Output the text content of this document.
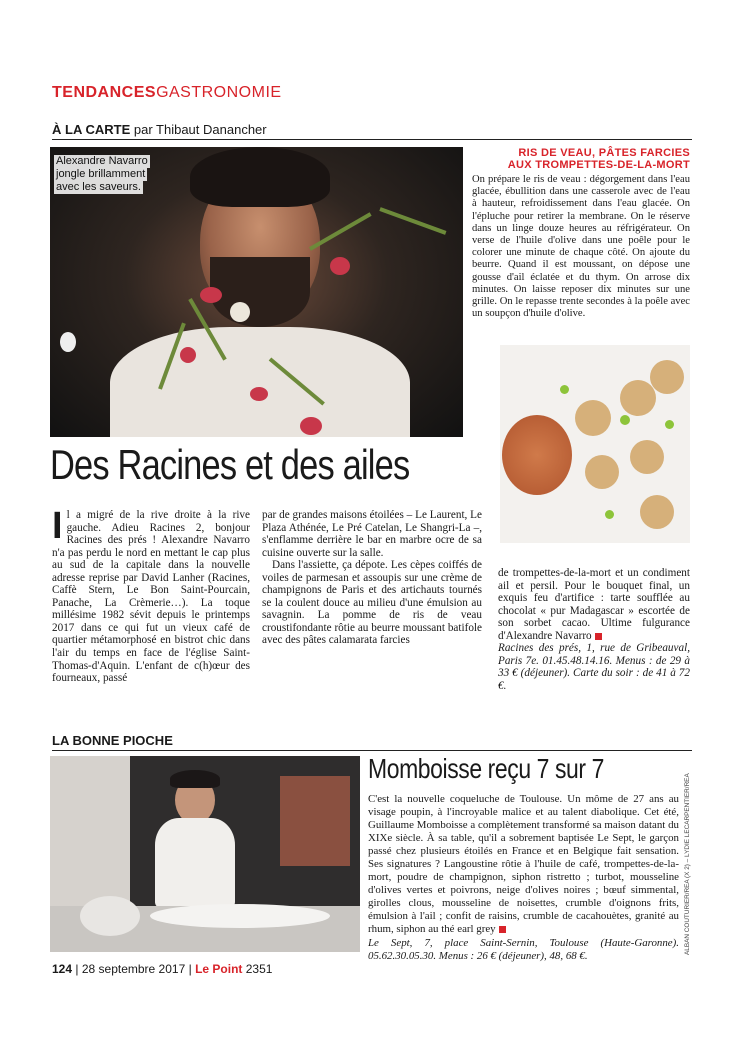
TENDANCESGASTRONOMIE
À LA CARTE par Thibaut Danancher
Alexandre Navarro
jongle brillamment
avec les saveurs.
RIS DE VEAU, PÂTES FARCIES
AUX TROMPETTES-DE-LA-MORT
On prépare le ris de veau : dégorgement dans l'eau glacée, ébullition dans une casserole avec de l'eau à hauteur, refroidissement dans l'eau glacée. On l'épluche pour retirer la membrane. On le réserve dans un linge douze heures au réfrigérateur. On verse de l'huile d'olive dans une poêle pour le colorer une minute de chaque côté. On ajoute du beurre. Quand il est moussant, on dépose une gousse d'ail éclatée et du thym. On arrose dix minutes. On laisse reposer dix minutes sur une grille. On le repasse trente secondes à la poêle avec un soupçon d'huile d'olive.
Des Racines et des ailes
I l a migré de la rive droite à la rive gauche. Adieu Racines 2, bonjour Racines des prés ! Alexandre Navarro n'a pas perdu le nord en mettant le cap plus au sud de la capitale dans la nouvelle adresse reprise par David Lanher (Racines, Caffè Stern, Le Bon Saint-Pourcain, Panache, La Crèmerie…). La toque millésime 1982 sévit depuis le printemps 2017 dans ce qui fut un vieux café de quartier métamorphosé en bistrot chic dans l'air du temps en face de l'église Saint-Thomas-d'Aquin. L'enfant de c(h)œur des fourneaux, passé

par de grandes maisons étoilées – Le Laurent, Le Plaza Athénée, Le Pré Catelan, Le Shangri-La –, s'enflamme derrière le bar en marbre ocre de sa cuisine ouverte sur la salle.

Dans l'assiette, ça dépote. Les cèpes coiffés de voiles de parmesan et assoupis sur une crème de champignons de Paris et des artichauts tournés se la coulent douce au milieu d'une émulsion au savagnin. La pomme de ris de veau croustifondante rôtie au beurre moussant batifole avec des pâtes calamarata farcies

de trompettes-de-la-mort et un condiment ail et persil. Pour le bouquet final, un exquis feu d'artifice : tarte soufflée au chocolat « pur Madagascar » escortée de son sorbet cacao. Ultime fulgurance d'Alexandre Navarro

Racines des prés, 1, rue de Gribeauval, Paris 7e. 01.45.48.14.16. Menus : de 29 à 33 € (déjeuner). Carte du soir : de 41 à 72 €.

LA BONNE PIOCHE
Momboisse reçu 7 sur 7
C'est la nouvelle coqueluche de Toulouse. Un môme de 27 ans au visage poupin, à l'incroyable malice et au talent diabolique. Cet été, Guillaume Momboisse a complètement transformé sa maison datant du XIXe siècle. À sa table, qu'il a sobrement baptisée Le Sept, le garçon passé chez plusieurs étoilés en France et en Belgique fait sensation. Ses signatures ? Langoustine rôtie à l'huile de café, trompettes-de-la-mort, poudre de champignon, siphon ristretto ; turbot, mousseline d'olives vertes et poivrons, neige d'olives noires ; bœuf simmental, girolles clous, mousseline de noisettes, crumble d'oignons frits, émulsion à l'ail ; confit de raisins, crumble de cacahouètes, granité au rhum, siphon au thé earl grey
Le Sept, 7, place Saint-Sernin, Toulouse (Haute-Garonne). 05.62.30.05.30. Menus : 26 € (déjeuner), 48, 68 €.
ALBAN COUTURIER/REA (X 2) – LYDIE LECARPENTIER/REA
124 | 28 septembre 2017 | Le Point 2351
